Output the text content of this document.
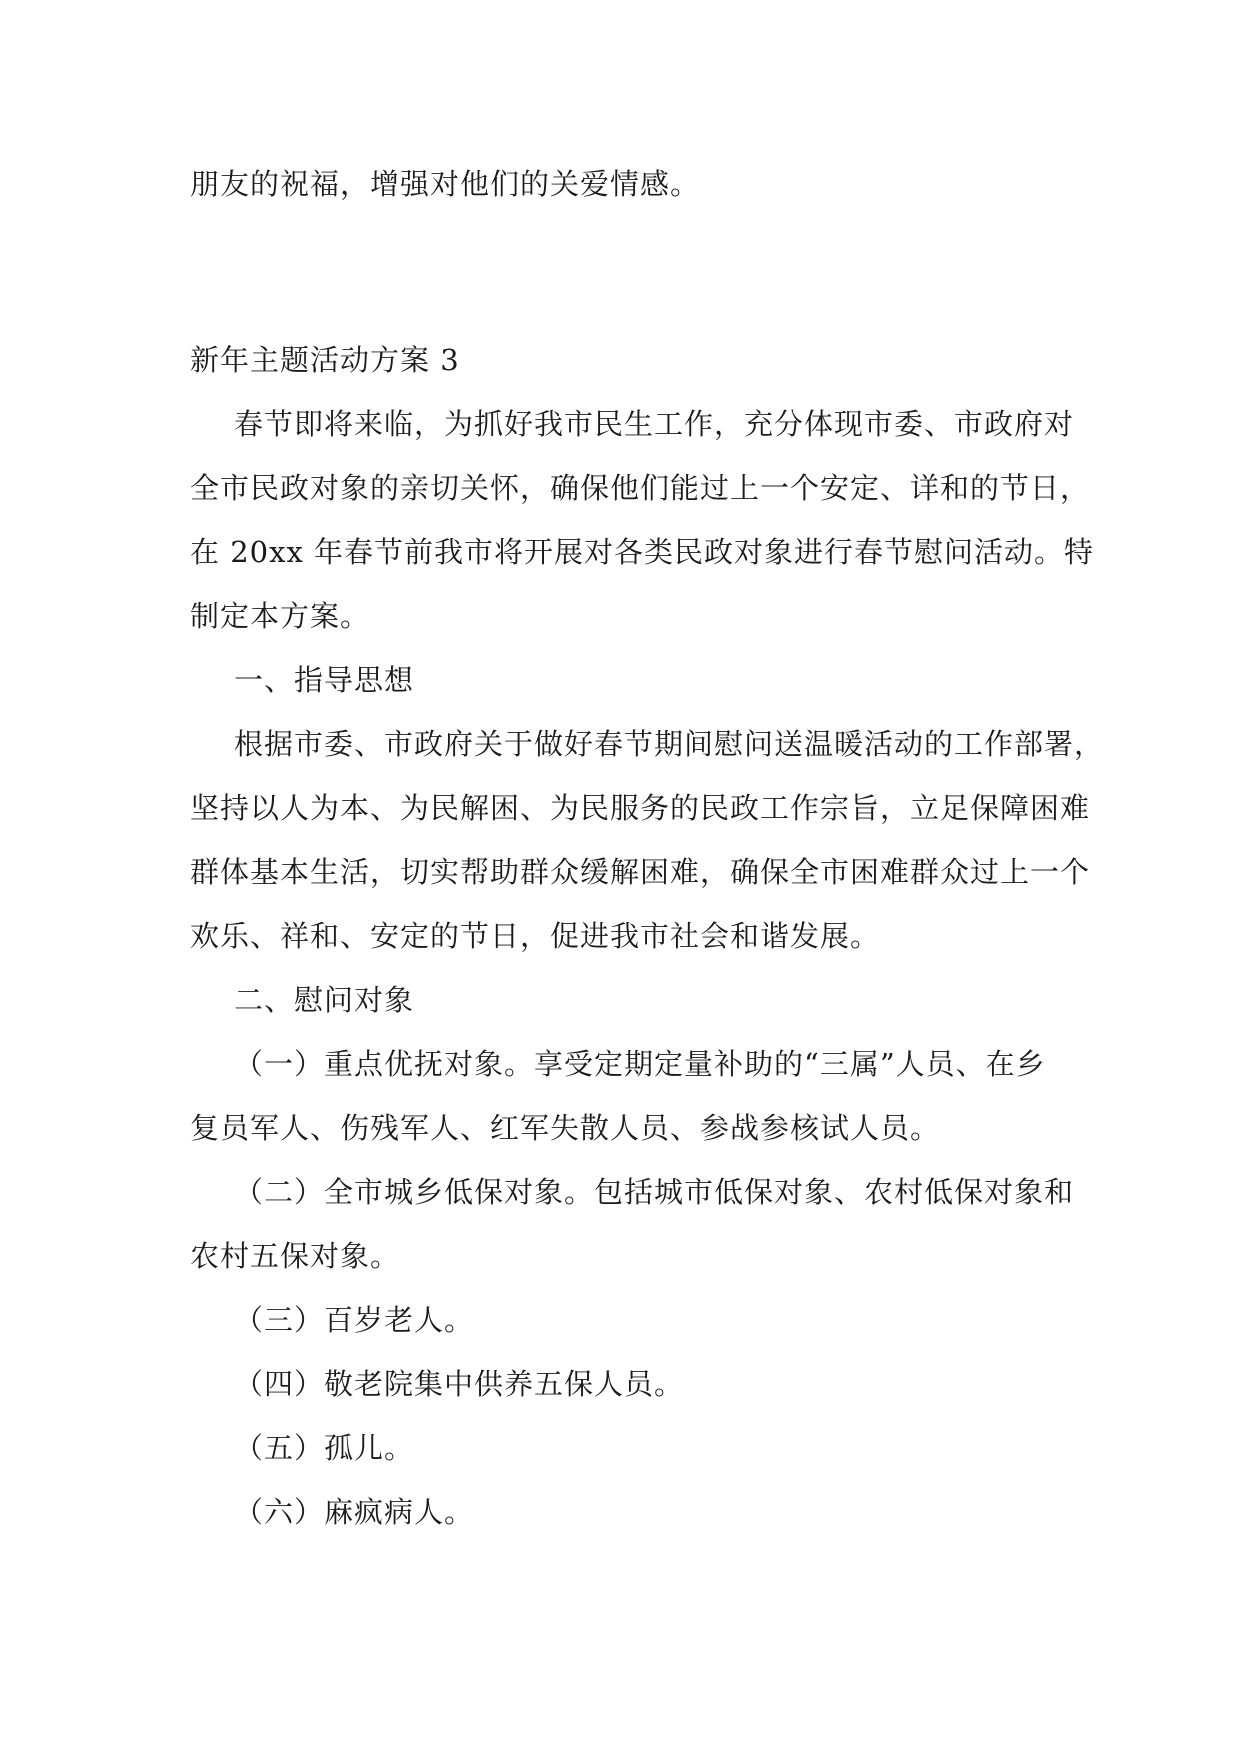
朋友的祝福，增强对他们的关爱情感。

新年主题活动方案 3

春节即将来临，为抓好我市民生工作，充分体现市委、市政府对

全市民政对象的亲切关怀，确保他们能过上一个安定、详和的节日，

在 20xx 年春节前我市将开展对各类民政对象进行春节慰问活动。特

制定本方案。

一、指导思想

根据市委、市政府关于做好春节期间慰问送温暖活动的工作部署，

坚持以人为本、为民解困、为民服务的民政工作宗旨，立足保障困难

群体基本生活，切实帮助群众缓解困难，确保全市困难群众过上一个

欢乐、祥和、安定的节日，促进我市社会和谐发展。

二、慰问对象

（一）重点优抚对象。享受定期定量补助的“三属”人员、在乡

复员军人、伤残军人、红军失散人员、参战参核试人员。

（二）全市城乡低保对象。包括城市低保对象、农村低保对象和

农村五保对象。

（三）百岁老人。

（四）敬老院集中供养五保人员。

（五）孤儿。

（六）麻疯病人。
